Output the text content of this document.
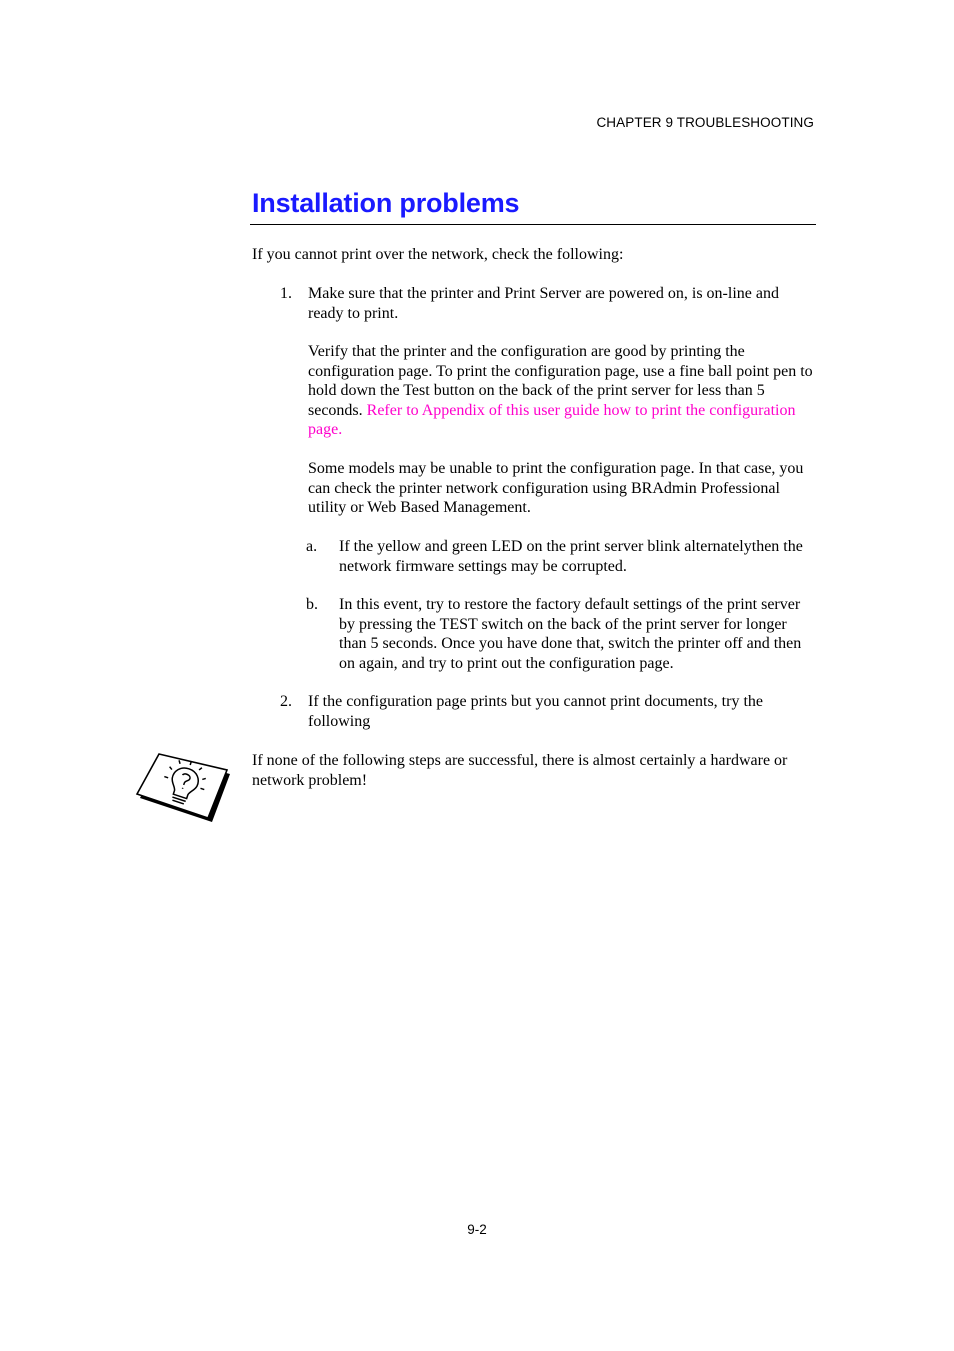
CHAPTER 9 TROUBLESHOOTING
Installation problems

If you cannot print over the network, check the following:

1. Make sure that the printer and Print Server are powered on, is on-line and ready to print.

Verify that the printer and the configuration are good by printing the configuration page. To print the configuration page, use a fine ball point pen to hold down the Test button on the back of the print server for less than 5 seconds. Refer to Appendix of this user guide how to print the configuration page.

Some models may be unable to print the configuration page. In that case, you can check the printer network configuration using BRAdmin Professional utility or Web Based Management.

a. If the yellow and green LED on the print server blink alternatelythen the network firmware settings may be corrupted.

b. In this event, try to restore the factory default settings of the print server by pressing the TEST switch on the back of the print server for longer than 5 seconds. Once you have done that, switch the printer off and then on again, and try to print out the configuration page.

2. If the configuration page prints but you cannot print documents, try the following

If none of the following steps are successful, there is almost certainly a hardware or network problem!

9-2
